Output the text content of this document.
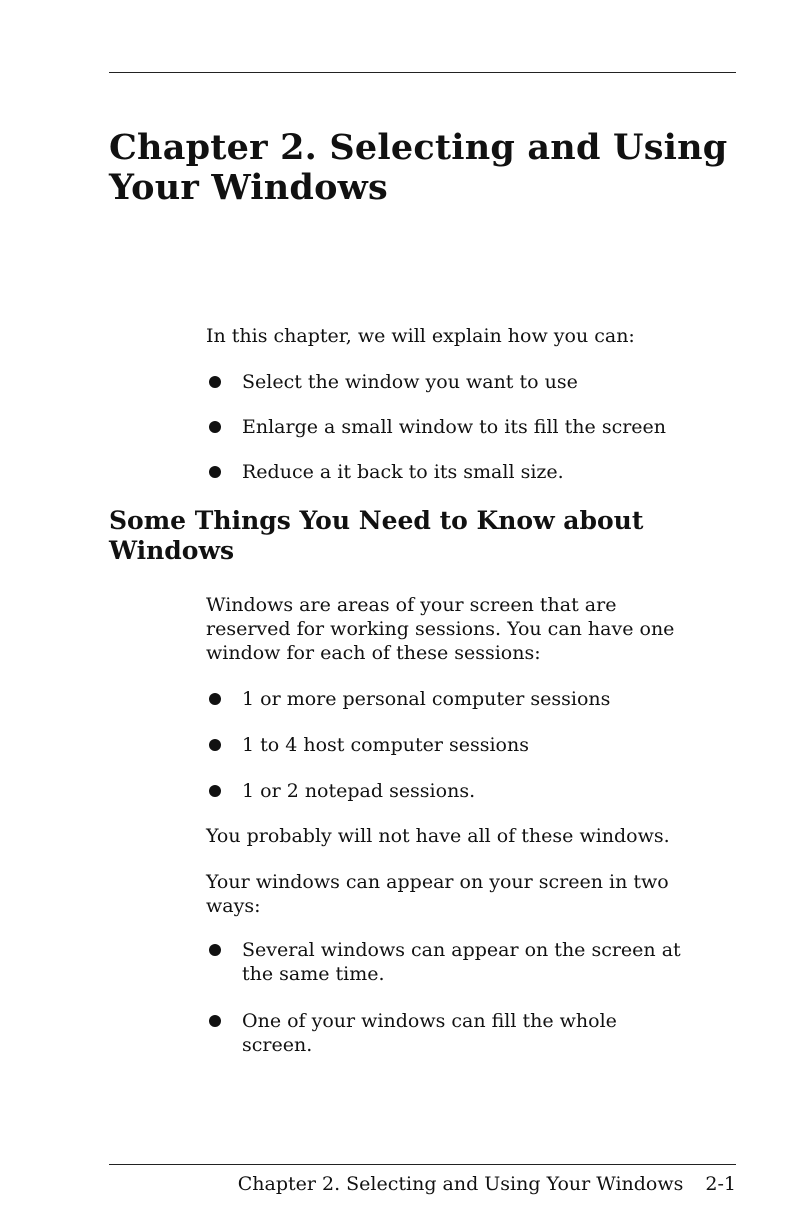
Chapter 2. Selecting and Using
Your Windows

In this chapter, we will explain how you can:

Select the window you want to use
Enlarge a small window to its fill the screen
Reduce a it back to its small size.
Some Things You Need to Know about
Windows

Windows are areas of your screen that are
reserved for working sessions. You can have one
window for each of these sessions:

1 or more personal computer sessions
1 to 4 host computer sessions
1 or 2 notepad sessions.

You probably will not have all of these windows.

Your windows can appear on your screen in two
ways:

Several windows can appear on the screen at
the same time.
One of your windows can fill the whole
screen.

Chapter 2. Selecting and Using Your Windows 2-1
